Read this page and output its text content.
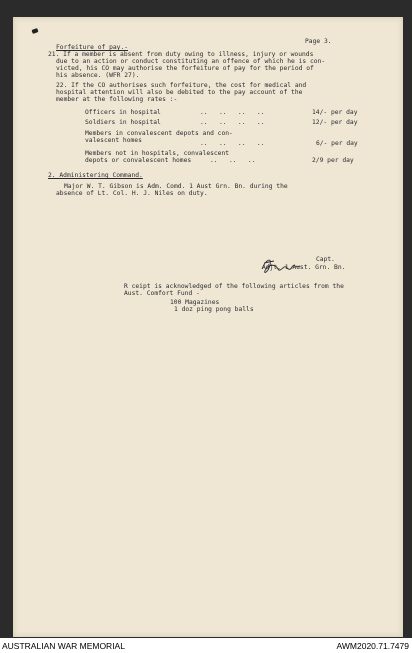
Page 3.
Forfeiture of pay.-
21. If a member is absent from duty owing to illness, injury or wounds
due to an action or conduct constituting an offence of which he is con-
victed, his CO may authorise the forfeiture of pay for the period of
his absence. (WFR 27).
22. If the CO authorises such forfeiture, the cost for medical and
hospital attention will also be debited to the pay account of the
member at the following rates :-
Officers in hospital	..   ..   ..   ..	14/- per day
Soldiers in hospital	..   ..   ..   ..	12/- per day
Members in convalescent depots and con-
valescent homes	..   ..   ..   ..	6/- per day
Members not in hospitals, convalescent
depots or convalescent homes	..   ..   ..	2/9 per day
2. Administering Command.
Major W. T. Gibson is Adm. Comd. 1 Aust Grn. Bn. during the
absence of Lt. Col. H. J. Niles on duty.
Capt.
Adjt. 1 Aust. Grn. Bn.
R ceipt is acknowledged of the following articles from the
Aust. Comfort Fund -
100 Magazines
1 doz ping pong balls
AUSTRALIAN WAR MEMORIAL	AWM2020.71.7479
